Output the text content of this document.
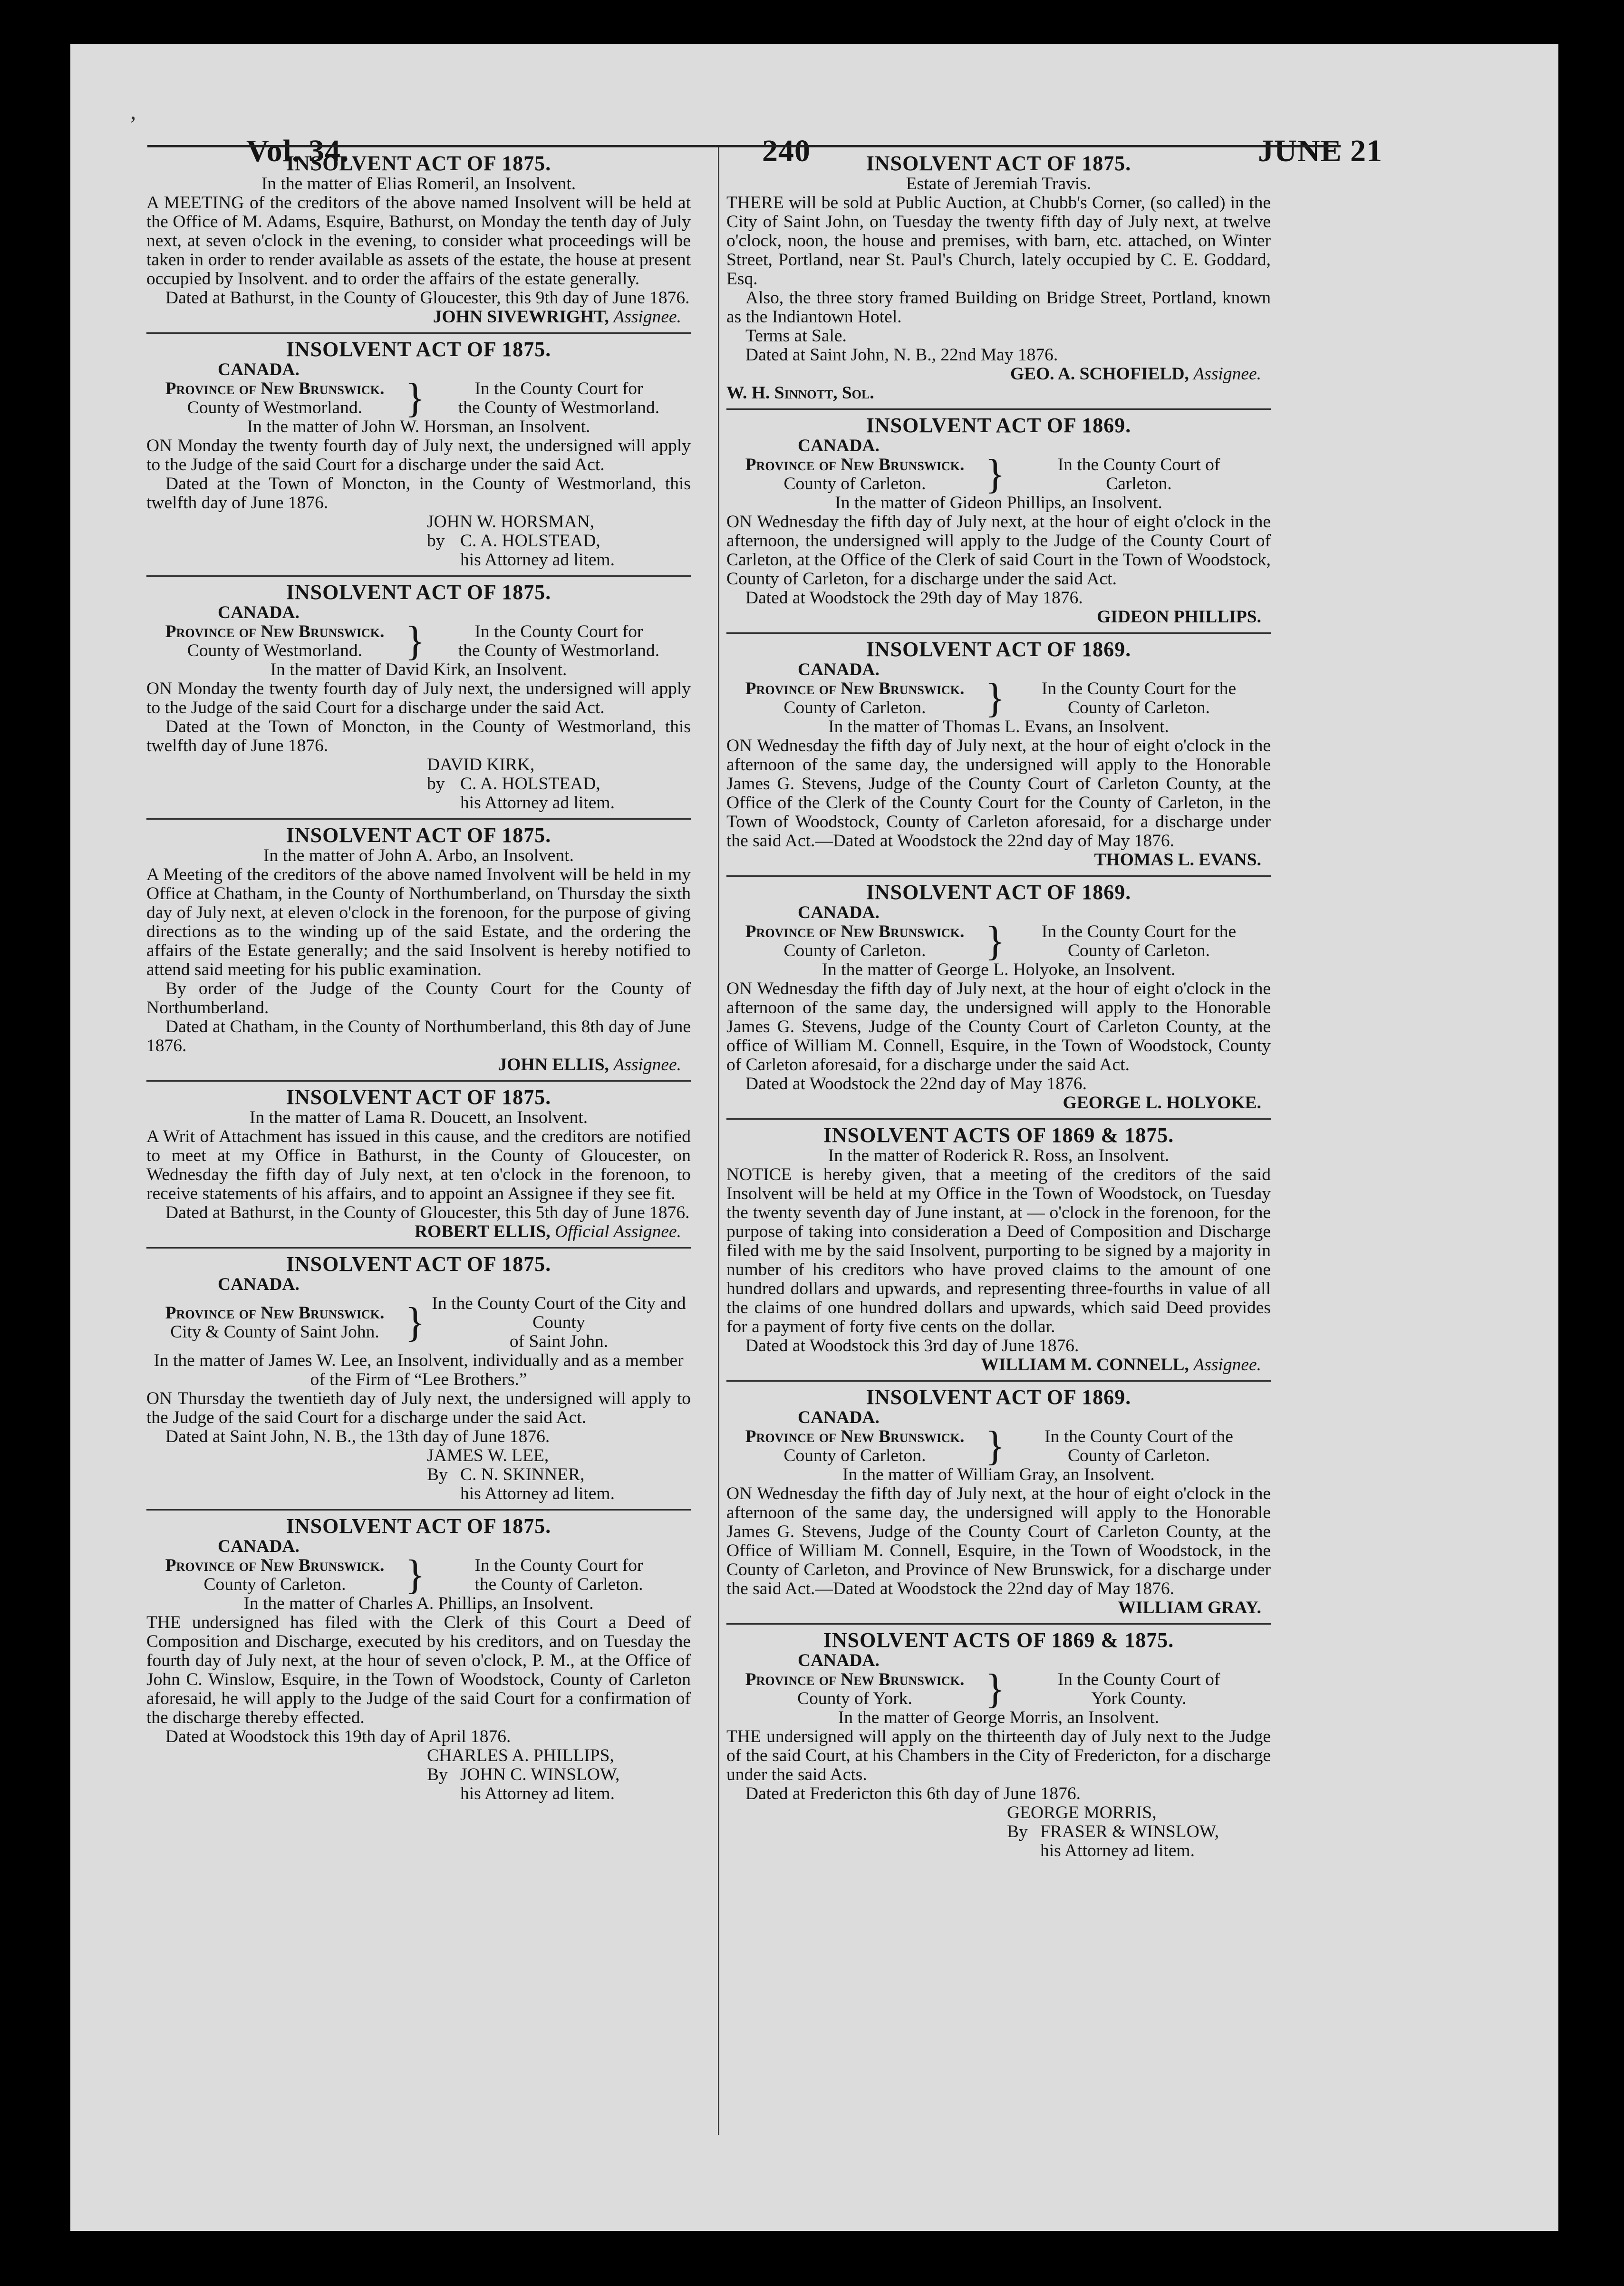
’
Vol. 34.	240	JUNE 21
INSOLVENT ACT OF 1875.
In the matter of Elias Romeril, an Insolvent.
A MEETING of the creditors of the above named Insolvent will be held at the Office of M. Adams, Esquire, Bathurst, on Monday the tenth day of July next, at seven o'clock in the evening, to consider what proceedings will be taken in order to render available as assets of the estate, the house at present occupied by Insolvent. and to order the affairs of the estate generally.
Dated at Bathurst, in the County of Gloucester, this 9th day of June 1876.
JOHN SIVEWRIGHT, Assignee.
INSOLVENT ACT OF 1875.
CANADA.
Province of New Brunswick.
County of Westmorland.	}	In the County Court for
the County of Westmorland.
In the matter of John W. Horsman, an Insolvent.
ON Monday the twenty fourth day of July next, the undersigned will apply to the Judge of the said Court for a discharge under the said Act.
Dated at the Town of Moncton, in the County of Westmorland, this twelfth day of June 1876.
JOHN W. HORSMAN,
by C. A. HOLSTEAD,
his Attorney ad litem.
INSOLVENT ACT OF 1875.
CANADA.
Province of New Brunswick.
County of Westmorland.	}	In the County Court for
the County of Westmorland.
In the matter of David Kirk, an Insolvent.
ON Monday the twenty fourth day of July next, the undersigned will apply to the Judge of the said Court for a discharge under the said Act.
Dated at the Town of Moncton, in the County of Westmorland, this twelfth day of June 1876.
DAVID KIRK,
by C. A. HOLSTEAD,
his Attorney ad litem.
INSOLVENT ACT OF 1875.
In the matter of John A. Arbo, an Insolvent.
A Meeting of the creditors of the above named Involvent will be held in my Office at Chatham, in the County of Northumberland, on Thursday the sixth day of July next, at eleven o'clock in the forenoon, for the purpose of giving directions as to the winding up of the said Estate, and the ordering the affairs of the Estate generally; and the said Insolvent is hereby notified to attend said meeting for his public examination.
By order of the Judge of the County Court for the County of Northumberland.
Dated at Chatham, in the County of Northumberland, this 8th day of June 1876.
JOHN ELLIS, Assignee.
INSOLVENT ACT OF 1875.
In the matter of Lama R. Doucett, an Insolvent.
A Writ of Attachment has issued in this cause, and the creditors are notified to meet at my Office in Bathurst, in the County of Gloucester, on Wednesday the fifth day of July next, at ten o'clock in the forenoon, to receive statements of his affairs, and to appoint an Assignee if they see fit.
Dated at Bathurst, in the County of Gloucester, this 5th day of June 1876.
ROBERT ELLIS, Official Assignee.
INSOLVENT ACT OF 1875.
CANADA.
Province of New Brunswick.
City & County of Saint John. } In the County Court of the City and County
of Saint John.
In the matter of James W. Lee, an Insolvent, individually and as a member of the Firm of “Lee Brothers.”
ON Thursday the twentieth day of July next, the undersigned will apply to the Judge of the said Court for a discharge under the said Act.
Dated at Saint John, N. B., the 13th day of June 1876.
JAMES W. LEE,
By C. N. SKINNER,
his Attorney ad litem.
INSOLVENT ACT OF 1875.
CANADA.
Province of New Brunswick.
County of Carleton.	}	In the County Court for
the County of Carleton.
In the matter of Charles A. Phillips, an Insolvent.
THE undersigned has filed with the Clerk of this Court a Deed of Composition and Discharge, executed by his creditors, and on Tuesday the fourth day of July next, at the hour of seven o'clock, P. M., at the Office of John C. Winslow, Esquire, in the Town of Woodstock, County of Carleton aforesaid, he will apply to the Judge of the said Court for a confirmation of the discharge thereby effected.
Dated at Woodstock this 19th day of April 1876.
CHARLES A. PHILLIPS,
By JOHN C. WINSLOW,
his Attorney ad litem.
INSOLVENT ACT OF 1875.
Estate of Jeremiah Travis.
THERE will be sold at Public Auction, at Chubb's Corner, (so called) in the City of Saint John, on Tuesday the twenty fifth day of July next, at twelve o'clock, noon, the house and premises, with barn, etc. attached, on Winter Street, Portland, near St. Paul's Church, lately occupied by C. E. Goddard, Esq.
Also, the three story framed Building on Bridge Street, Portland, known as the Indiantown Hotel.
Terms at Sale.
Dated at Saint John, N. B., 22nd May 1876.
GEO. A. SCHOFIELD, Assignee.
W. H. Sinnott, Sol.
INSOLVENT ACT OF 1869.
CANADA.
Province of New Brunswick.
County of Carleton.	}	In the County Court of
Carleton.
In the matter of Gideon Phillips, an Insolvent.
ON Wednesday the fifth day of July next, at the hour of eight o'clock in the afternoon, the undersigned will apply to the Judge of the County Court of Carleton, at the Office of the Clerk of said Court in the Town of Woodstock, County of Carleton, for a discharge under the said Act.
Dated at Woodstock the 29th day of May 1876.
GIDEON PHILLIPS.
INSOLVENT ACT OF 1869.
CANADA.
Province of New Brunswick.
County of Carleton.	}	In the County Court for the
County of Carleton.
In the matter of Thomas L. Evans, an Insolvent.
ON Wednesday the fifth day of July next, at the hour of eight o'clock in the afternoon of the same day, the undersigned will apply to the Honorable James G. Stevens, Judge of the County Court of Carleton County, at the Office of the Clerk of the County Court for the County of Carleton, in the Town of Woodstock, County of Carleton aforesaid, for a discharge under the said Act.—Dated at Woodstock the 22nd day of May 1876.
THOMAS L. EVANS.
INSOLVENT ACT OF 1869.
CANADA.
Province of New Brunswick.
County of Carleton.	}	In the County Court for the
County of Carleton.
In the matter of George L. Holyoke, an Insolvent.
ON Wednesday the fifth day of July next, at the hour of eight o'clock in the afternoon of the same day, the undersigned will apply to the Honorable James G. Stevens, Judge of the County Court of Carleton County, at the office of William M. Connell, Esquire, in the Town of Woodstock, County of Carleton aforesaid, for a discharge under the said Act.
Dated at Woodstock the 22nd day of May 1876.
GEORGE L. HOLYOKE.
INSOLVENT ACTS OF 1869 & 1875.
In the matter of Roderick R. Ross, an Insolvent.
NOTICE is hereby given, that a meeting of the creditors of the said Insolvent will be held at my Office in the Town of Woodstock, on Tuesday the twenty seventh day of June instant, at — o'clock in the forenoon, for the purpose of taking into consideration a Deed of Composition and Discharge filed with me by the said Insolvent, purporting to be signed by a majority in number of his creditors who have proved claims to the amount of one hundred dollars and upwards, and representing three-fourths in value of all the claims of one hundred dollars and upwards, which said Deed provides for a payment of forty five cents on the dollar.
Dated at Woodstock this 3rd day of June 1876.
WILLIAM M. CONNELL, Assignee.
INSOLVENT ACT OF 1869.
CANADA.
Province of New Brunswick.
County of Carleton.	}	In the County Court of the
County of Carleton.
In the matter of William Gray, an Insolvent.
ON Wednesday the fifth day of July next, at the hour of eight o'clock in the afternoon of the same day, the undersigned will apply to the Honorable James G. Stevens, Judge of the County Court of Carleton County, at the Office of William M. Connell, Esquire, in the Town of Woodstock, in the County of Carleton, and Province of New Brunswick, for a discharge under the said Act.—Dated at Woodstock the 22nd day of May 1876.
WILLIAM GRAY.
INSOLVENT ACTS OF 1869 & 1875.
CANADA.
Province of New Brunswick.
County of York.	}	In the County Court of
York County.
In the matter of George Morris, an Insolvent.
THE undersigned will apply on the thirteenth day of July next to the Judge of the said Court, at his Chambers in the City of Fredericton, for a discharge under the said Acts.
Dated at Fredericton this 6th day of June 1876.
GEORGE MORRIS,
By FRASER & WINSLOW,
his Attorney ad litem.
